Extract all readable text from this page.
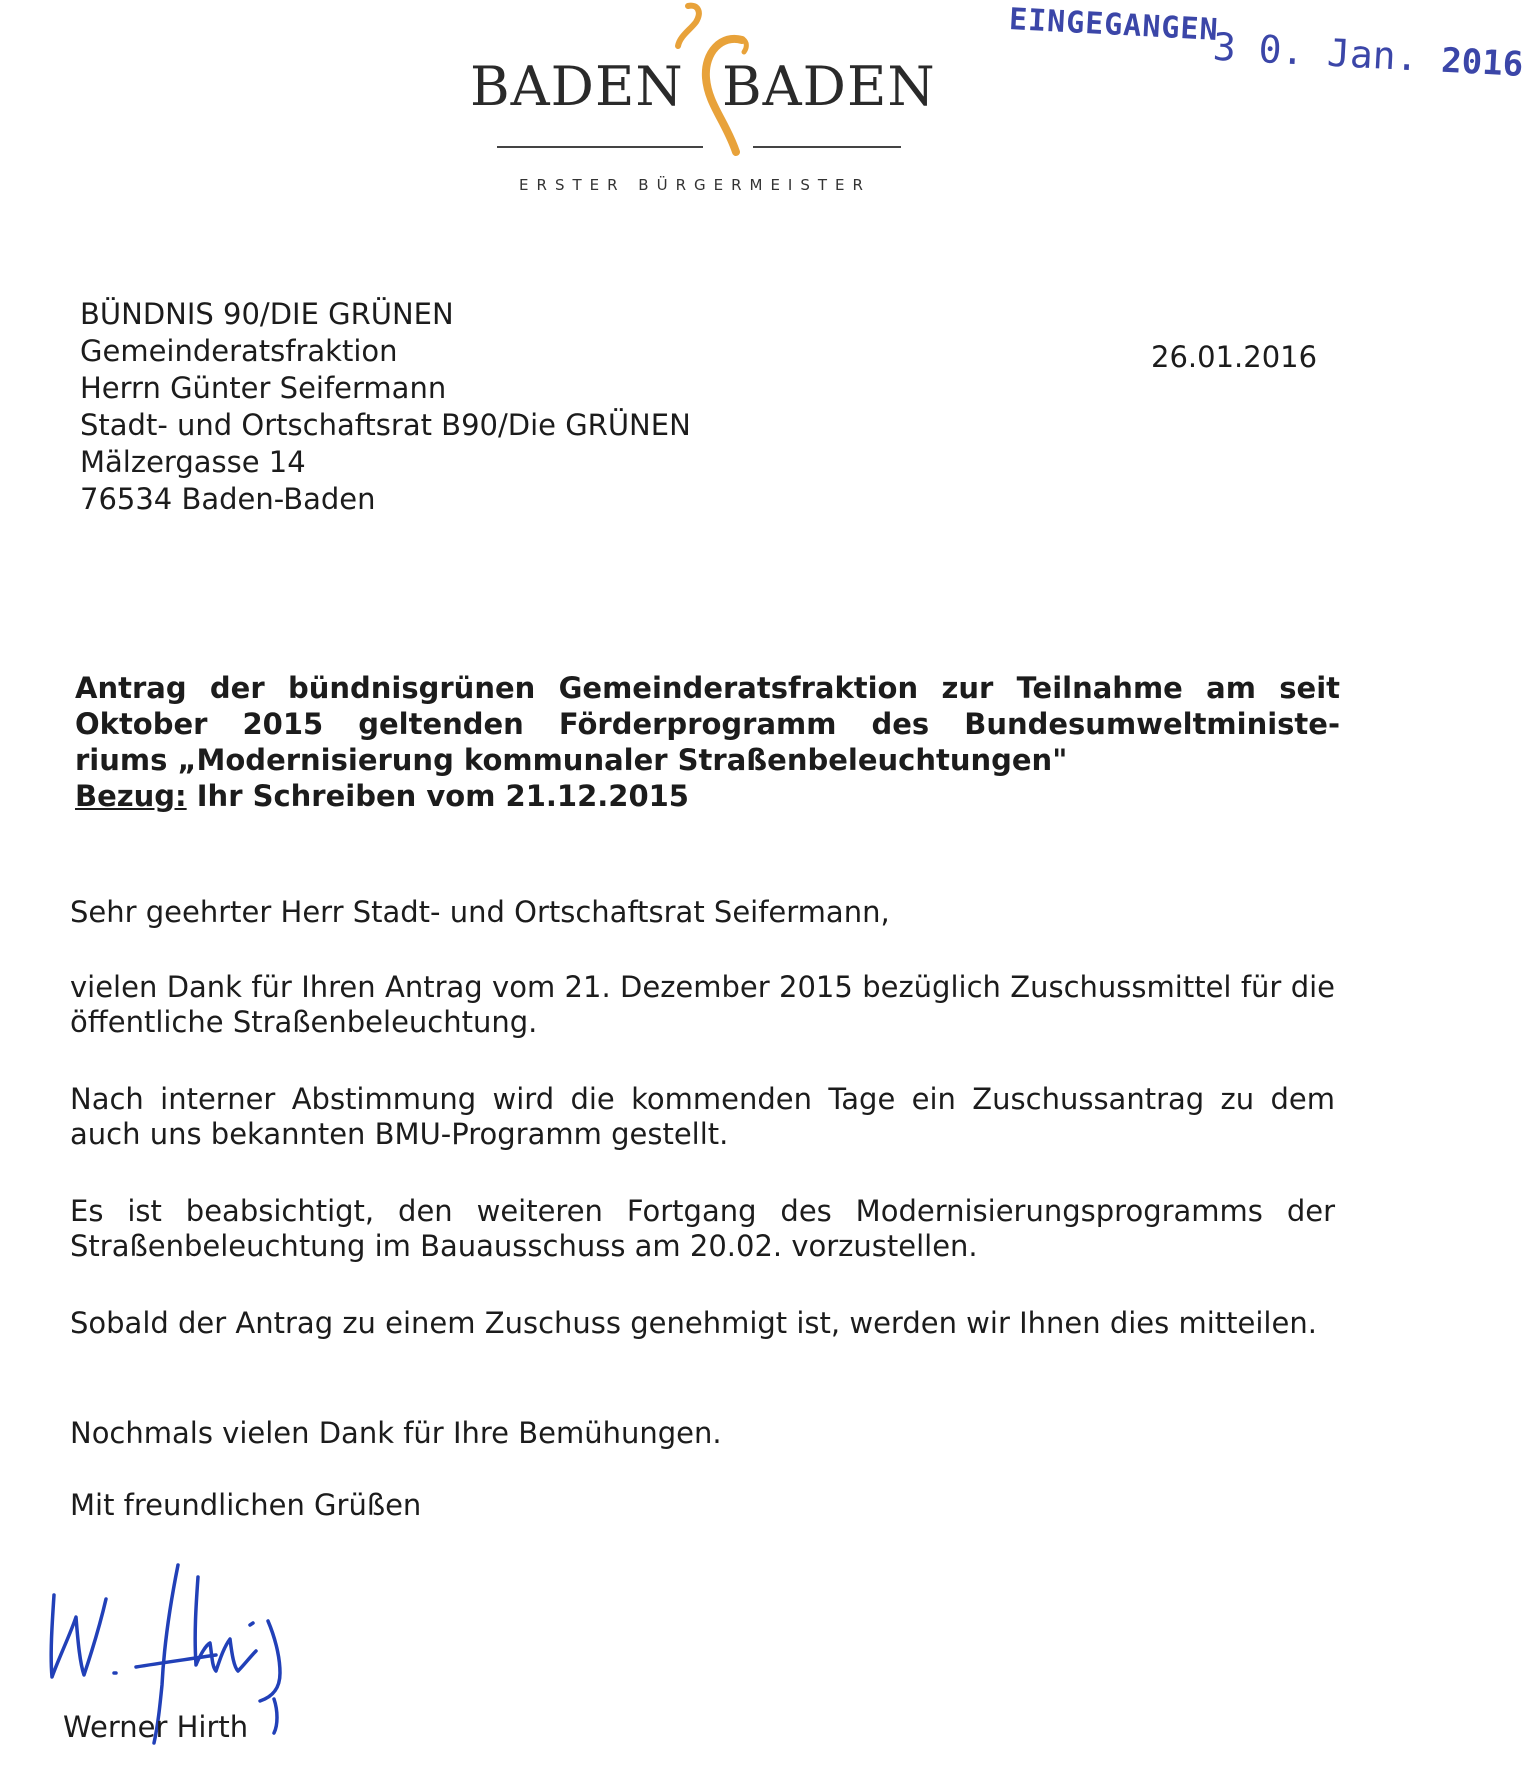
EINGEGANGEN
3 0. Jan. 2016
BADEN BADEN
ERSTER BÜRGERMEISTER
BÜNDNIS 90/DIE GRÜNEN
Gemeinderatsfraktion
Herrn Günter Seifermann
Stadt- und Ortschaftsrat B90/Die GRÜNEN
Mälzergasse 14
76534 Baden-Baden
26.01.2016
Antrag der bündnisgrünen Gemeinderatsfraktion zur Teilnahme am seit
Oktober 2015 geltenden Förderprogramm des Bundesumweltministe-
riums „Modernisierung kommunaler Straßenbeleuchtungen"
Bezug: Ihr Schreiben vom 21.12.2015
Sehr geehrter Herr Stadt- und Ortschaftsrat Seifermann,
vielen Dank für Ihren Antrag vom 21. Dezember 2015 bezüglich Zuschussmittel für die öffentliche Straßenbeleuchtung.
Nach interner Abstimmung wird die kommenden Tage ein Zuschussantrag zu dem auch uns bekannten BMU-Programm gestellt.
Es ist beabsichtigt, den weiteren Fortgang des Modernisierungsprogramms der Straßenbeleuchtung im Bauausschuss am 20.02. vorzustellen.
Sobald der Antrag zu einem Zuschuss genehmigt ist, werden wir Ihnen dies mitteilen.
Nochmals vielen Dank für Ihre Bemühungen.
Mit freundlichen Grüßen
Werner Hirth
